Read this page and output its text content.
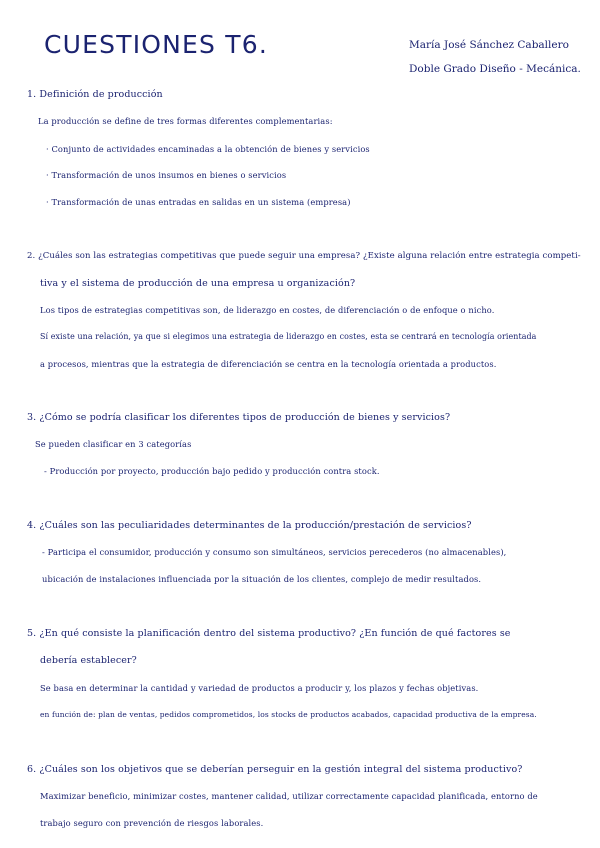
CUESTIONES T6.	María José Sánchez Caballero
Doble Grado Diseño - Mecánica.
1. Definición de producción
La producción se define de tres formas diferentes complementarias:
· Conjunto de actividades encaminadas a la obtención de bienes y servicios
· Transformación de unos insumos en bienes o servicios
· Transformación de unas entradas en salidas en un sistema (empresa)
2. ¿Cuáles son las estrategias competitivas que puede seguir una empresa? ¿Existe alguna relación entre estrategia competi-
tiva y el sistema de producción de una empresa u organización?
Los tipos de estrategias competitivas son, de liderazgo en costes, de diferenciación o de enfoque o nicho.
Sí existe una relación, ya que si elegimos una estrategia de liderazgo en costes, esta se centrará en tecnología orientada
a procesos, mientras que la estrategia de diferenciación se centra en la tecnología orientada a productos.
3. ¿Cómo se podría clasificar los diferentes tipos de producción de bienes y servicios?
Se pueden clasificar en 3 categorías
- Producción por proyecto, producción bajo pedido y producción contra stock.
4. ¿Cuáles son las peculiaridades determinantes de la producción/prestación de servicios?
- Participa el consumidor, producción y consumo son simultáneos, servicios perecederos (no almacenables),
ubicación de instalaciones influenciada por la situación de los clientes, complejo de medir resultados.
5. ¿En qué consiste la planificación dentro del sistema productivo? ¿En función de qué factores se
debería establecer?
Se basa en determinar la cantidad y variedad de productos a producir y, los plazos y fechas objetivas.
en función de: plan de ventas, pedidos comprometidos, los stocks de productos acabados, capacidad productiva de la empresa.
6. ¿Cuáles son los objetivos que se deberían perseguir en la gestión integral del sistema productivo?
Maximizar beneficio, minimizar costes, mantener calidad, utilizar correctamente capacidad planificada, entorno de
trabajo seguro con prevención de riesgos laborales.
